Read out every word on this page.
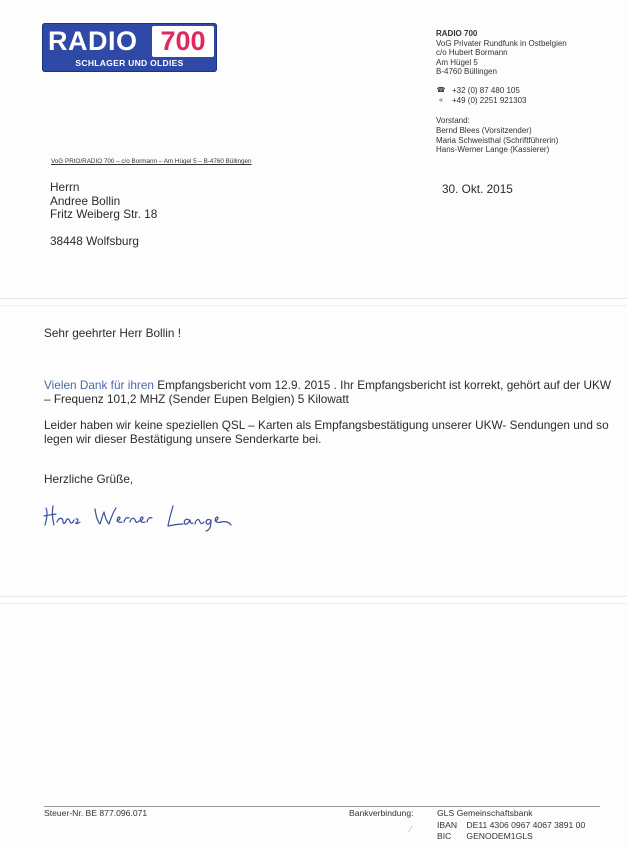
RADIO 700
SCHLAGER UND OLDIES
RADIO 700
VoG Privater Rundfunk in Ostbelgien
c/o Hubert Bormann
Am Hügel 5
B-4760 Büllingen
☎ +32 (0) 87 480 105
«	+49 (0) 2251 921303
Vorstand:
Bernd Blees (Vorsitzender)
Maria Schweisthal (Schriftführerin)
Hans-Werner Lange (Kassierer)
VoG PRIO/RADIO 700 – c/o Bormann – Am Hügel 5 – B-4760 Büllingen
Herrn
Andree Bollin
Fritz Weiberg Str. 18
38448 Wolfsburg
30. Okt. 2015
Sehr geehrter Herr Bollin !
Vielen Dank für ihren Empfangsbericht vom 12.9. 2015 . Ihr Empfangsbericht ist korrekt, gehört auf der UKW – Frequenz 101,2 MHZ (Sender Eupen Belgien) 5 Kilowatt
Leider haben wir keine speziellen QSL – Karten als Empfangsbestätigung unserer UKW- Sendungen und so legen wir dieser Bestätigung unsere Senderkarte bei.
Herzliche Grüße,
Steuer-Nr. BE 877.096.071	Bankverbindung:
⁄
GLS Gemeinschaftsbank
IBAN DE11 4306 0967 4067 3891 00
BIC GENODEM1GLS
